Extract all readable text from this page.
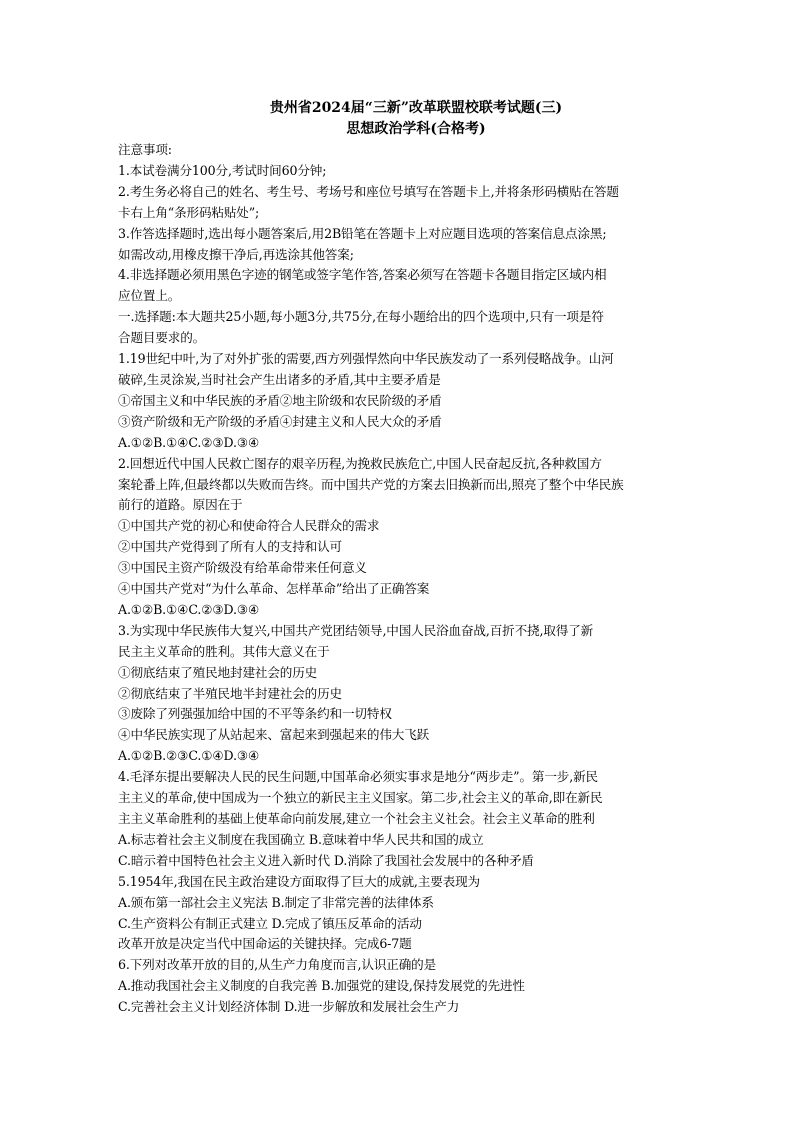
贵州省2024届“三新”改革联盟校联考试题(三)
思想政治学科(合格考)

注意事项:

1.本试卷满分100分,考试时间60分钟;

2.考生务必将自己的姓名、考生号、考场号和座位号填写在答题卡上,并将条形码横贴在答题

卡右上角“条形码粘贴处”;

3.作答选择题时,选出每小题答案后,用2B铅笔在答题卡上对应题目选项的答案信息点涂黑;

如需改动,用橡皮擦干净后,再选涂其他答案;

4.非选择题必须用黑色字迹的钢笔或签字笔作答,答案必须写在答题卡各题目指定区域内相

应位置上。

一.选择题:本大题共25小题,每小题3分,共75分,在每小题给出的四个选项中,只有一项是符

合题目要求的。

1.19世纪中叶,为了对外扩张的需要,西方列强悍然向中华民族发动了一系列侵略战争。山河

破碎,生灵涂炭,当时社会产生出诸多的矛盾,其中主要矛盾是

①帝国主义和中华民族的矛盾②地主阶级和农民阶级的矛盾

③资产阶级和无产阶级的矛盾④封建主义和人民大众的矛盾

A.①②B.①④C.②③D.③④

2.回想近代中国人民救亡图存的艰辛历程,为挽救民族危亡,中国人民奋起反抗,各种救国方

案轮番上阵,但最终都以失败而告终。而中国共产党的方案去旧换新而出,照亮了整个中华民族

前行的道路。原因在于

①中国共产党的初心和使命符合人民群众的需求

②中国共产党得到了所有人的支持和认可

③中国民主资产阶级没有给革命带来任何意义

④中国共产党对“为什么革命、怎样革命”给出了正确答案

A.①②B.①④C.②③D.③④

3.为实现中华民族伟大复兴,中国共产党团结领导,中国人民浴血奋战,百折不挠,取得了新

民主主义革命的胜利。其伟大意义在于

①彻底结束了殖民地封建社会的历史

②彻底结束了半殖民地半封建社会的历史

③废除了列强强加给中国的不平等条约和一切特权

④中华民族实现了从站起来、富起来到强起来的伟大飞跃

A.①②B.②③C.①④D.③④

4.毛泽东提出要解决人民的民生问题,中国革命必须实事求是地分“两步走”。第一步,新民

主主义的革命,使中国成为一个独立的新民主主义国家。第二步,社会主义的革命,即在新民

主主义革命胜利的基础上使革命向前发展,建立一个社会主义社会。社会主义革命的胜利

A.标志着社会主义制度在我国确立 B.意味着中华人民共和国的成立

C.暗示着中国特色社会主义进入新时代 D.消除了我国社会发展中的各种矛盾

5.1954年,我国在民主政治建设方面取得了巨大的成就,主要表现为

A.颁布第一部社会主义宪法 B.制定了非常完善的法律体系

C.生产资料公有制正式建立 D.完成了镇压反革命的活动

改革开放是决定当代中国命运的关键抉择。完成6-7题

6.下列对改革开放的目的,从生产力角度而言,认识正确的是

A.推动我国社会主义制度的自我完善 B.加强党的建设,保持发展党的先进性

C.完善社会主义计划经济体制 D.进一步解放和发展社会生产力
